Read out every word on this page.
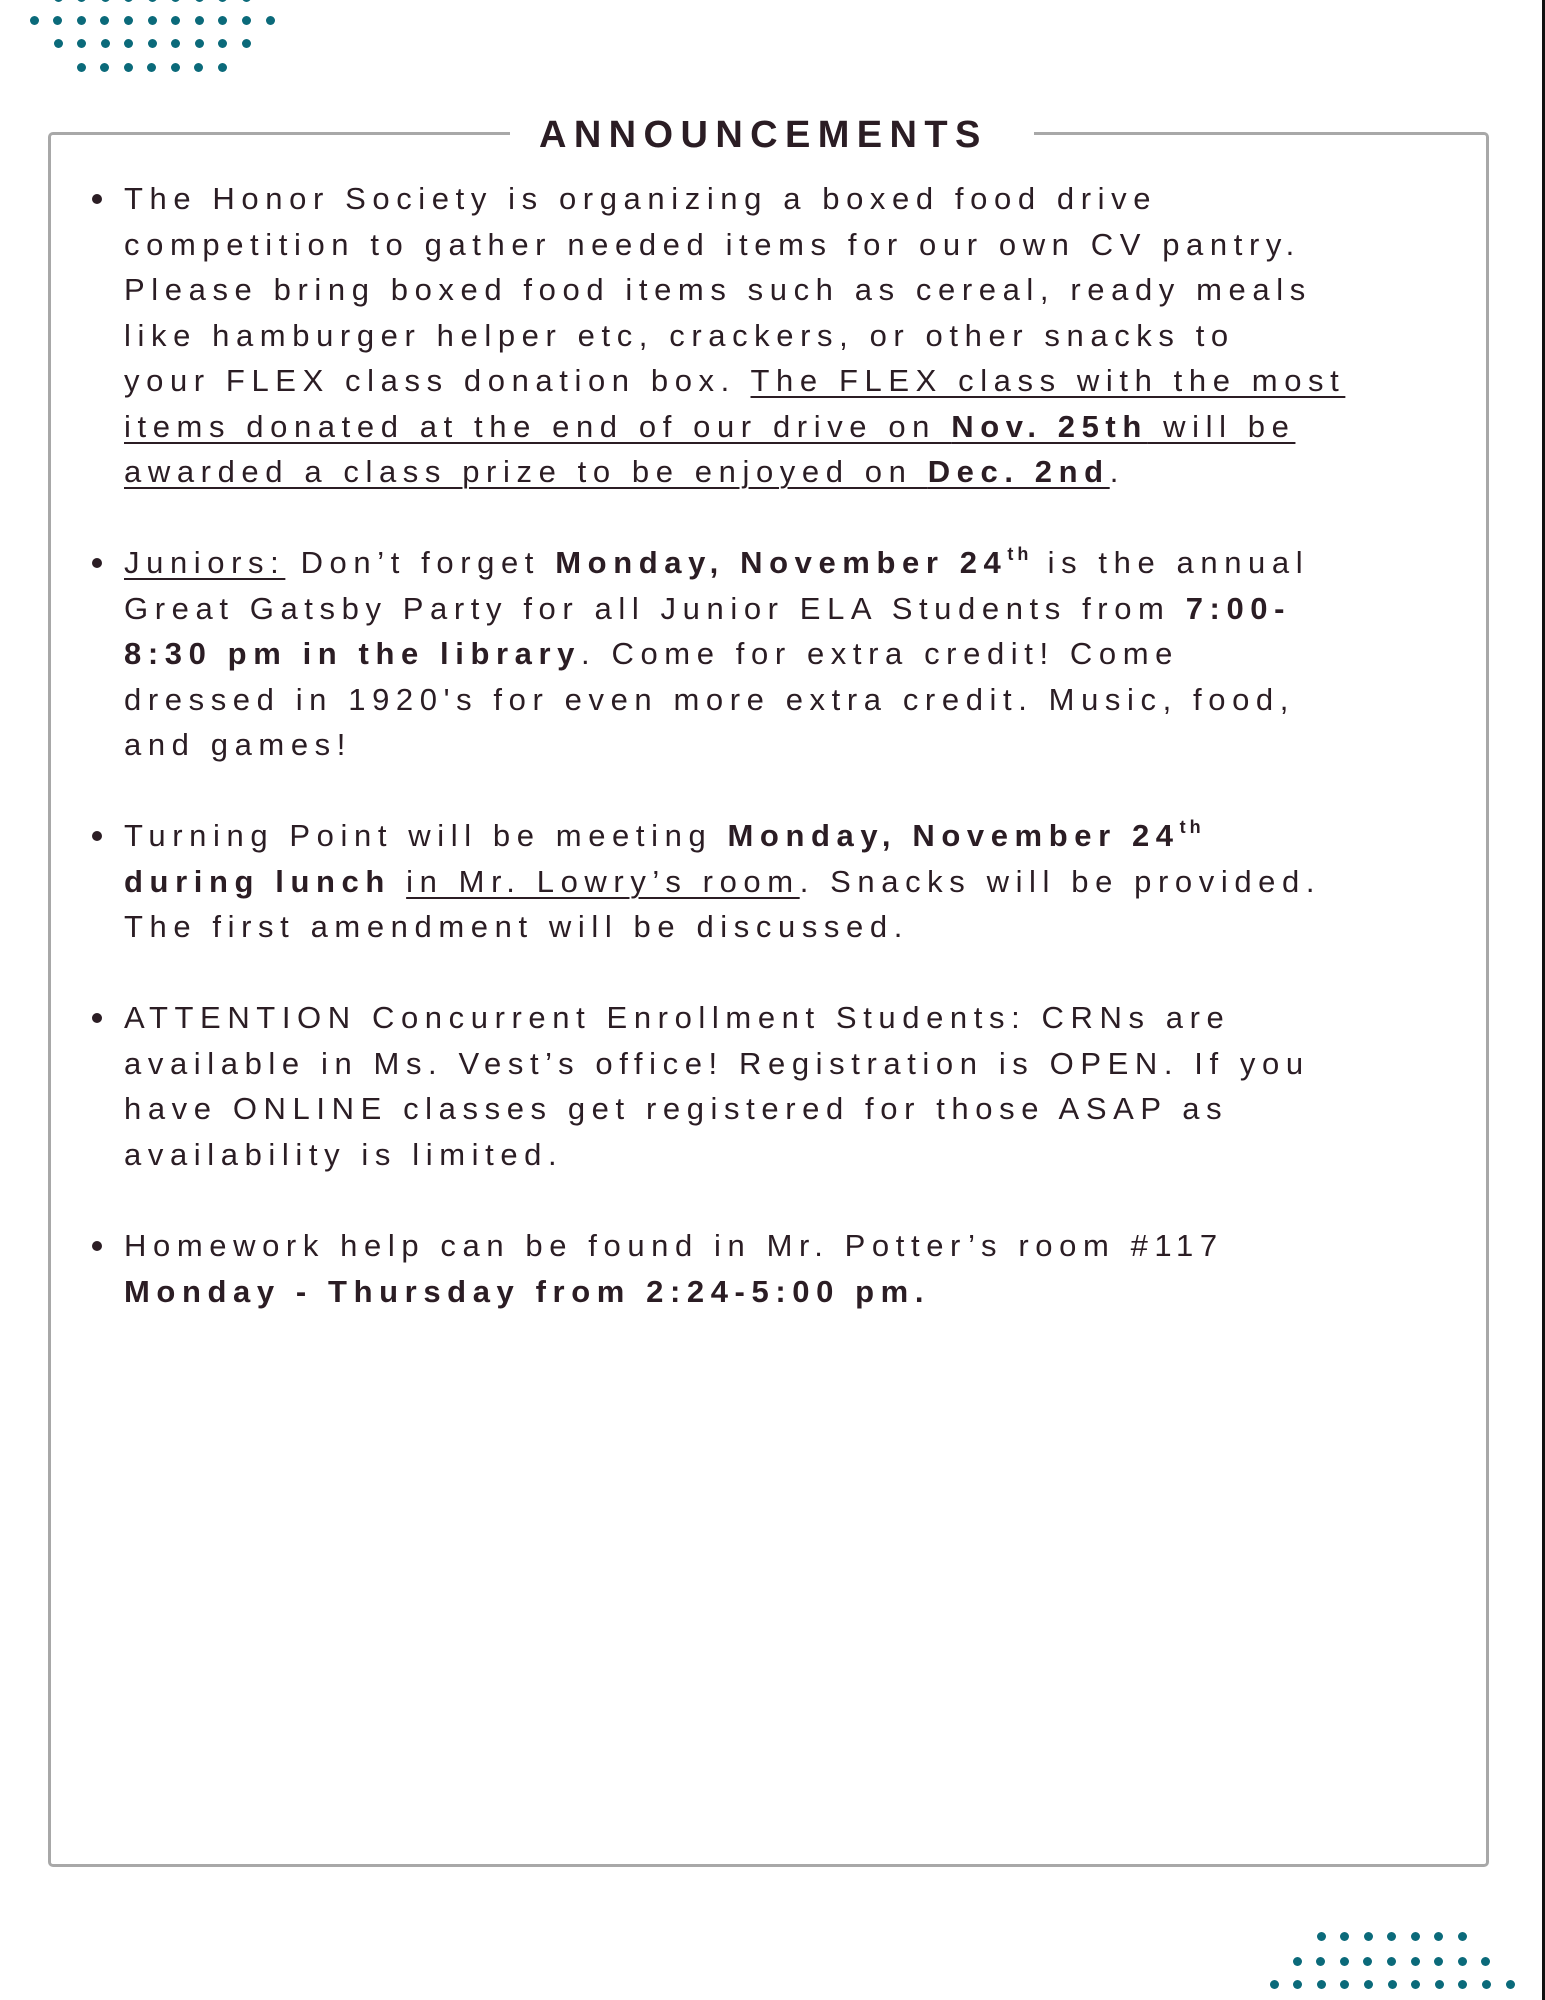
ANNOUNCEMENTS
The Honor Society is organizing a boxed food drive
competition to gather needed items for our own CV pantry.
Please bring boxed food items such as cereal, ready meals
like hamburger helper etc, crackers, or other snacks to
your FLEX class donation box. The FLEX class with the most
items donated at the end of our drive on Nov. 25th will be
awarded a class prize to be enjoyed on Dec. 2nd.
Juniors: Don’t forget Monday, November 24th is the annual
Great Gatsby Party for all Junior ELA Students from 7:00-
8:30 pm in the library. Come for extra credit! Come
dressed in 1920's for even more extra credit. Music, food,
and games!
Turning Point will be meeting Monday, November 24th
during lunch in Mr. Lowry’s room. Snacks will be provided.
The first amendment will be discussed.
ATTENTION Concurrent Enrollment Students: CRNs are
available in Ms. Vest’s office! Registration is OPEN. If you
have ONLINE classes get registered for those ASAP as
availability is limited.
Homework help can be found in Mr. Potter’s room #117
Monday - Thursday from 2:24-5:00 pm.
